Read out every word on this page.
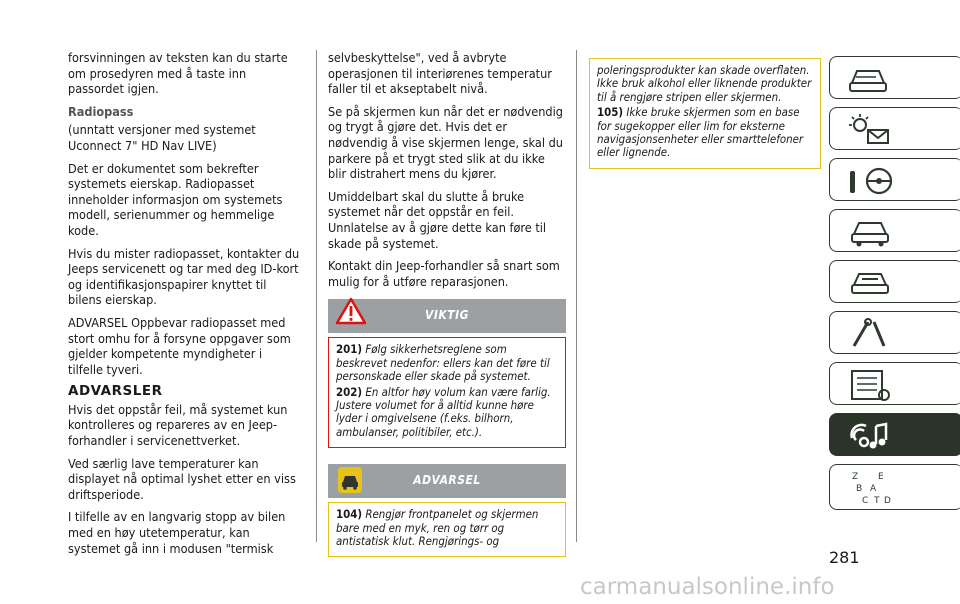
forsvinningen av teksten kan du starte om prosedyren med å taste inn passordet igjen.

Radiopass

(unntatt versjoner med systemet Uconnect 7" HD Nav LIVE)

Det er dokumentet som bekrefter systemets eierskap. Radiopasset inneholder informasjon om systemets modell, serienummer og hemmelige kode.

Hvis du mister radiopasset, kontakter du Jeeps servicenett og tar med deg ID-kort og identifikasjonspapirer knyttet til bilens eierskap.

ADVARSEL Oppbevar radiopasset med stort omhu for å forsyne oppgaver som gjelder kompetente myndigheter i tilfelle tyveri.

ADVARSLER

Hvis det oppstår feil, må systemet kun kontrolleres og repareres av en Jeep-forhandler i servicenettverket.

Ved særlig lave temperaturer kan displayet nå optimal lyshet etter en viss driftsperiode.

I tilfelle av en langvarig stopp av bilen med en høy utetemperatur, kan systemet gå inn i modusen "termisk

selvbeskyttelse", ved å avbryte operasjonen til interiørenes temperatur faller til et akseptabelt nivå.

Se på skjermen kun når det er nødvendig og trygt å gjøre det. Hvis det er nødvendig å vise skjermen lenge, skal du parkere på et trygt sted slik at du ikke blir distrahert mens du kjører.

Umiddelbart skal du slutte å bruke systemet når det oppstår en feil. Unnlatelse av å gjøre dette kan føre til skade på systemet.

Kontakt din Jeep-forhandler så snart som mulig for å utføre reparasjonen.

VIKTIG

201) Følg sikkerhetsreglene som beskrevet nedenfor: ellers kan det føre til personskade eller skade på systemet.

202) En altfor høy volum kan være farlig. Justere volumet for å alltid kunne høre lyder i omgivelsene (f.eks. bilhorn, ambulanser, politibiler, etc.).

ADVARSEL

104) Rengjør frontpanelet og skjermen bare med en myk, ren og tørr og antistatisk klut. Rengjørings- og

poleringsprodukter kan skade overflaten. Ikke bruk alkohol eller liknende produkter til å rengjøre stripen eller skjermen.

105) Ikke bruke skjermen som en base for sugekopper eller lim for eksterne navigasjonsenheter eller smarttelefoner eller lignende.

Z E
B A
C T D
281
carmanualsonline.info
